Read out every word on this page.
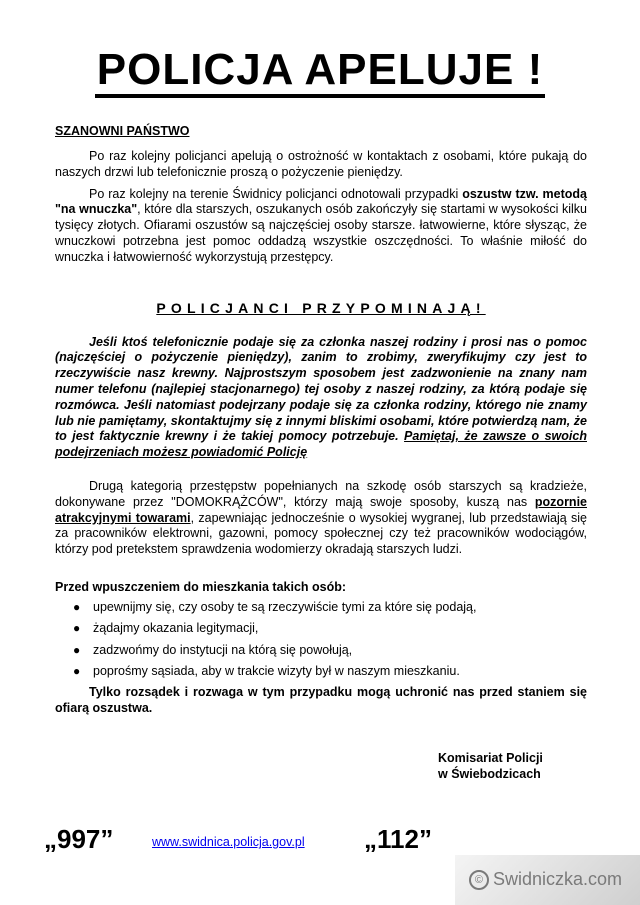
POLICJA APELUJE !
SZANOWNI PAŃSTWO

Po raz kolejny policjanci apelują o ostrożność w kontaktach z osobami, które pukają do naszych drzwi lub telefonicznie proszą o pożyczenie pieniędzy.

Po raz kolejny na terenie Świdnicy policjanci odnotowali przypadki oszustw tzw. metodą "na wnuczka", które dla starszych, oszukanych osób zakończyły się startami w wysokości kilku tysięcy złotych. Ofiarami oszustów są najczęściej osoby starsze. łatwowierne, które słysząc, że wnuczkowi potrzebna jest pomoc oddadzą wszystkie oszczędności. To właśnie miłość do wnuczka i łatwowierność wykorzystują przestępcy.

POLICJANCI PRZYPOMINAJĄ!

Jeśli ktoś telefonicznie podaje się za członka naszej rodziny i prosi nas o pomoc (najczęściej o pożyczenie pieniędzy), zanim to zrobimy, zweryfikujmy czy jest to rzeczywiście nasz krewny. Najprostszym sposobem jest zadzwonienie na znany nam numer telefonu (najlepiej stacjonarnego) tej osoby z naszej rodziny, za którą podaje się rozmówca. Jeśli natomiast podejrzany podaje się za członka rodziny, którego nie znamy lub nie pamiętamy, skontaktujmy się z innymi bliskimi osobami, które potwierdzą nam, że to jest faktycznie krewny i że takiej pomocy potrzebuje. Pamiętaj, że zawsze o swoich podejrzeniach możesz powiadomić Policję

Drugą kategorią przestępstw popełnianych na szkodę osób starszych są kradzieże, dokonywane przez "DOMOKRĄŻCÓW", którzy mają swoje sposoby, kuszą nas pozornie atrakcyjnymi towarami, zapewniając jednocześnie o wysokiej wygranej, lub przedstawiają się za pracowników elektrowni, gazowni, pomocy społecznej czy też pracowników wodociągów, którzy pod pretekstem sprawdzenia wodomierzy okradają starszych ludzi.

Przed wpuszczeniem do mieszkania takich osób:
● upewnijmy się, czy osoby te są rzeczywiście tymi za które się podają,
● żądajmy okazania legitymacji,
● zadzwońmy do instytucji na którą się powołują,
● poprośmy sąsiada, aby w trakcie wizyty był w naszym mieszkaniu.

Tylko rozsądek i rozwaga w tym przypadku mogą uchronić nas przed staniem się ofiarą oszustwa.

Komisariat Policji
w Świebodzicach
„997”	www.swidnica.policja.gov.pl „112”
© Swidniczka.com
